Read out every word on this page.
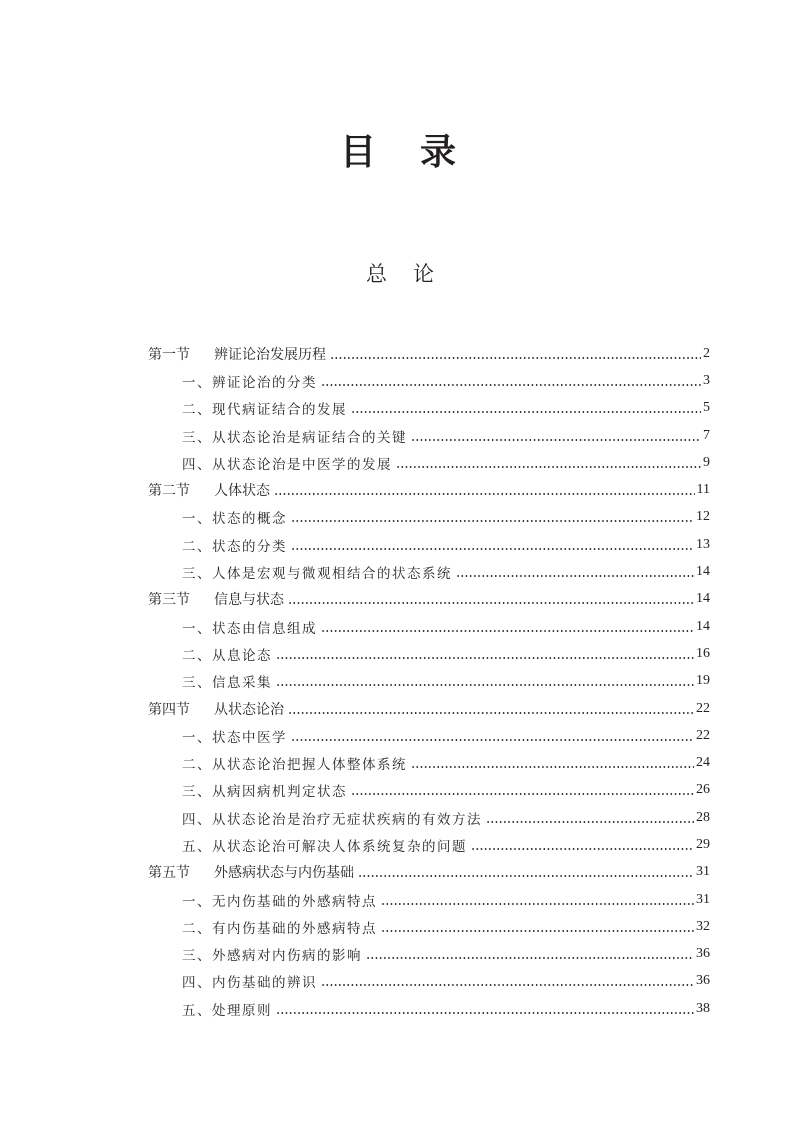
目 录
总 论
第一节 辨证论治发展历程	2
一、辨证论治的分类	3
二、现代病证结合的发展	5
三、从状态论治是病证结合的关键	7
四、从状态论治是中医学的发展	9
第二节 人体状态	11
一、状态的概念	12
二、状态的分类	13
三、人体是宏观与微观相结合的状态系统	14
第三节 信息与状态	14
一、状态由信息组成	14
二、从息论态	16
三、信息采集	19
第四节 从状态论治	22
一、状态中医学	22
二、从状态论治把握人体整体系统	24
三、从病因病机判定状态	26
四、从状态论治是治疗无症状疾病的有效方法	28
五、从状态论治可解决人体系统复杂的问题	29
第五节 外感病状态与内伤基础	31
一、无内伤基础的外感病特点	31
二、有内伤基础的外感病特点	32
三、外感病对内伤病的影响	36
四、内伤基础的辨识	36
五、处理原则	38
